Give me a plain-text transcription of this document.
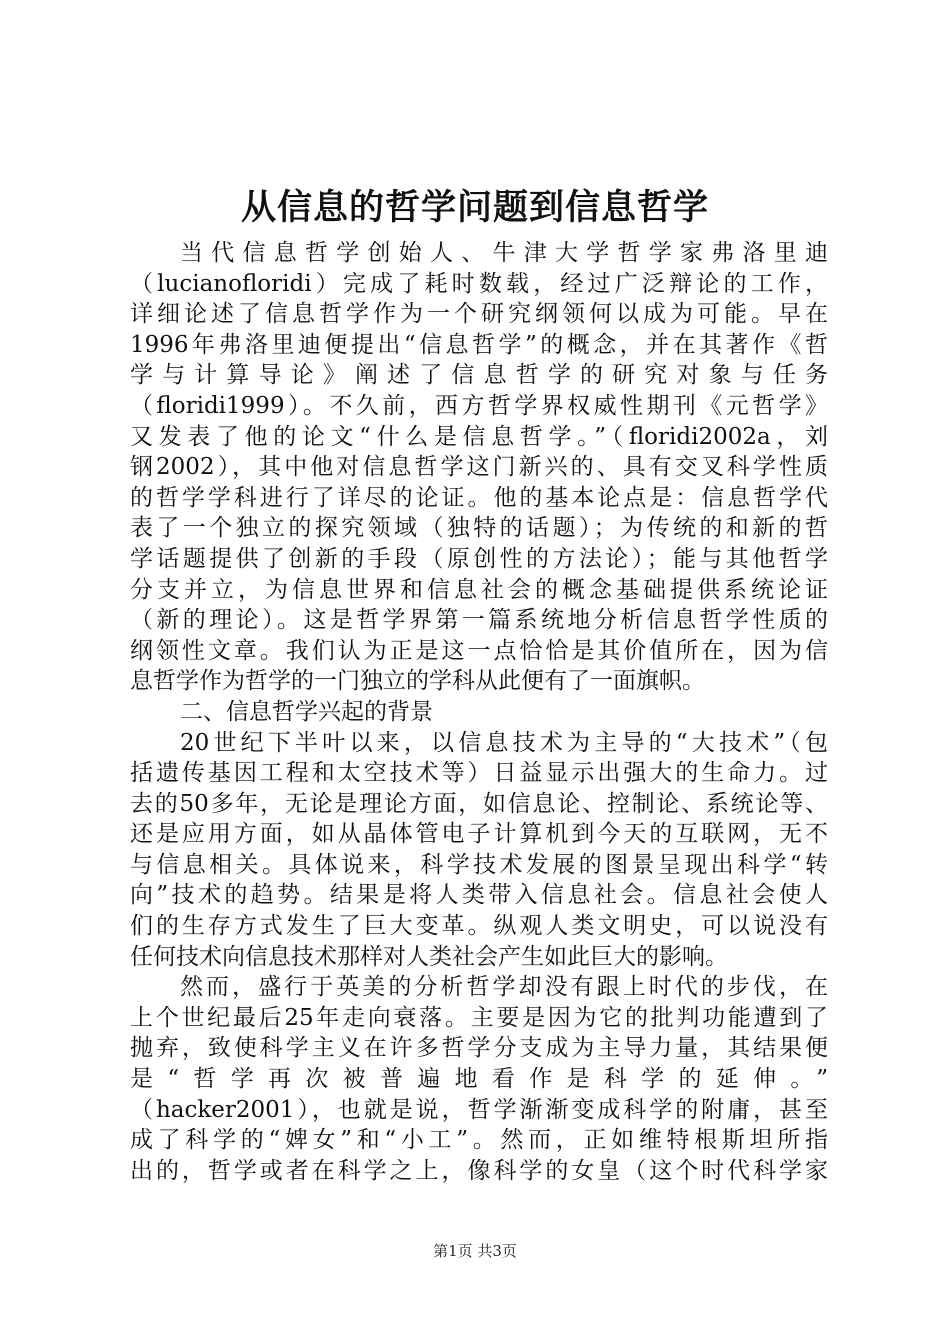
从信息的哲学问题到信息哲学
当代信息哲学创始人、牛津大学哲学家弗洛里迪
（lucianofloridi）完成了耗时数载，经过广泛辩论的工作，
详细论述了信息哲学作为一个研究纲领何以成为可能。早在
1996年弗洛里迪便提出“信息哲学”的概念，并在其著作《哲
学与计算导论》阐述了信息哲学的研究对象与任务
（floridi1999）。不久前，西方哲学界权威性期刊《元哲学》
又发表了他的论文“什么是信息哲学。”（floridi2002a，刘
钢2002），其中他对信息哲学这门新兴的、具有交叉科学性质
的哲学学科进行了详尽的论证。他的基本论点是：信息哲学代
表了一个独立的探究领域（独特的话题）；为传统的和新的哲
学话题提供了创新的手段（原创性的方法论）；能与其他哲学
分支并立，为信息世界和信息社会的概念基础提供系统论证
（新的理论）。这是哲学界第一篇系统地分析信息哲学性质的
纲领性文章。我们认为正是这一点恰恰是其价值所在，因为信
息哲学作为哲学的一门独立的学科从此便有了一面旗帜。
二、信息哲学兴起的背景
20世纪下半叶以来，以信息技术为主导的“大技术”（包
括遗传基因工程和太空技术等）日益显示出强大的生命力。过
去的50多年，无论是理论方面，如信息论、控制论、系统论等、
还是应用方面，如从晶体管电子计算机到今天的互联网，无不
与信息相关。具体说来，科学技术发展的图景呈现出科学“转
向”技术的趋势。结果是将人类带入信息社会。信息社会使人
们的生存方式发生了巨大变革。纵观人类文明史，可以说没有
任何技术向信息技术那样对人类社会产生如此巨大的影响。
然而，盛行于英美的分析哲学却没有跟上时代的步伐，在
上个世纪最后25年走向衰落。主要是因为它的批判功能遭到了
抛弃，致使科学主义在许多哲学分支成为主导力量，其结果便
是“哲学再次被普遍地看作是科学的延伸。”
（hacker2001），也就是说，哲学渐渐变成科学的附庸，甚至
成了科学的“婢女”和“小工”。然而，正如维特根斯坦所指
出的，哲学或者在科学之上，像科学的女皇（这个时代科学家
第1页 共3页
